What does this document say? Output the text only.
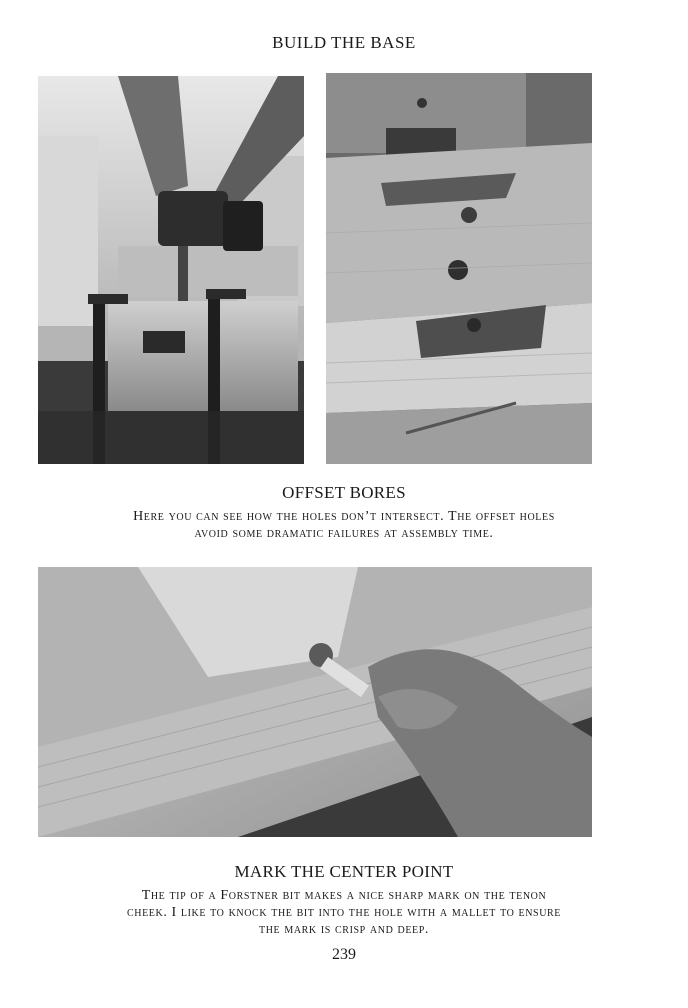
BUILD THE BASE
OFFSET BORES
Here you can see how the holes don’t intersect. The offset holes
avoid some dramatic failures at assembly time.
MARK THE CENTER POINT
The tip of a Forstner bit makes a nice sharp mark on the tenon
cheek. I like to knock the bit into the hole with a mallet to ensure
the mark is crisp and deep.
239
